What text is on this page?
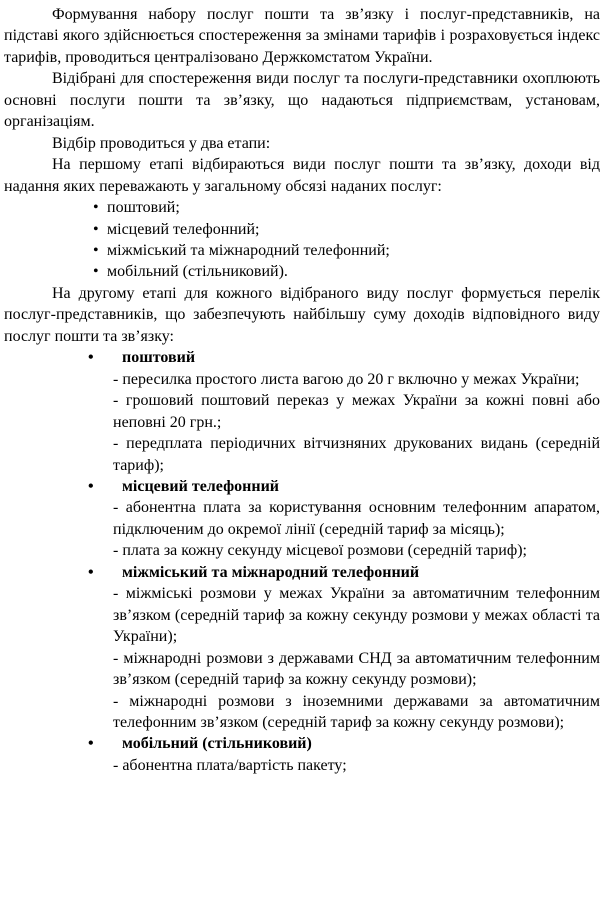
Формування набору послуг пошти та зв’язку і послуг-представників, на підставі якого здійснюється спостереження за змінами тарифів і розраховується індекс тарифів, проводиться централізовано Держкомстатом України.

Відібрані для спостереження види послуг та послуги-представники охоплюють основні послуги пошти та зв’язку, що надаються підприємствам, установам, організаціям.

Відбір проводиться у два етапи:

На першому етапі відбираються види послуг пошти та зв’язку, доходи від надання яких переважають у загальному обсязі наданих послуг:

• поштовий;
• місцевий телефонний;
• міжміський та міжнародний телефонний;
• мобільний (стільниковий).

На другому етапі для кожного відібраного виду послуг формується перелік послуг-представників, що забезпечують найбільшу суму доходів відповідного виду послуг пошти та зв’язку:

• поштовий

- пересилка простого листа вагою до 20 г включно у межах України;

- грошовий поштовий переказ у межах України за кожні повні або неповні 20 грн.;

- передплата періодичних вітчизняних друкованих видань (середній тариф);

• місцевий телефонний

- абонентна плата за користування основним телефонним апаратом, підключеним до окремої лінії (середній тариф за місяць);

- плата за кожну секунду місцевої розмови (середній тариф);

• міжміський та міжнародний телефонний

- міжміські розмови у межах України за автоматичним телефонним зв’язком (середній тариф за кожну секунду розмови у межах області та України);

- міжнародні розмови з державами СНД за автоматичним телефонним зв’язком (середній тариф за кожну секунду розмови);

- міжнародні розмови з іноземними державами за автоматичним телефонним зв’язком (середній тариф за кожну секунду розмови);

• мобільний (стільниковий)

- абонентна плата/вартість пакету;
